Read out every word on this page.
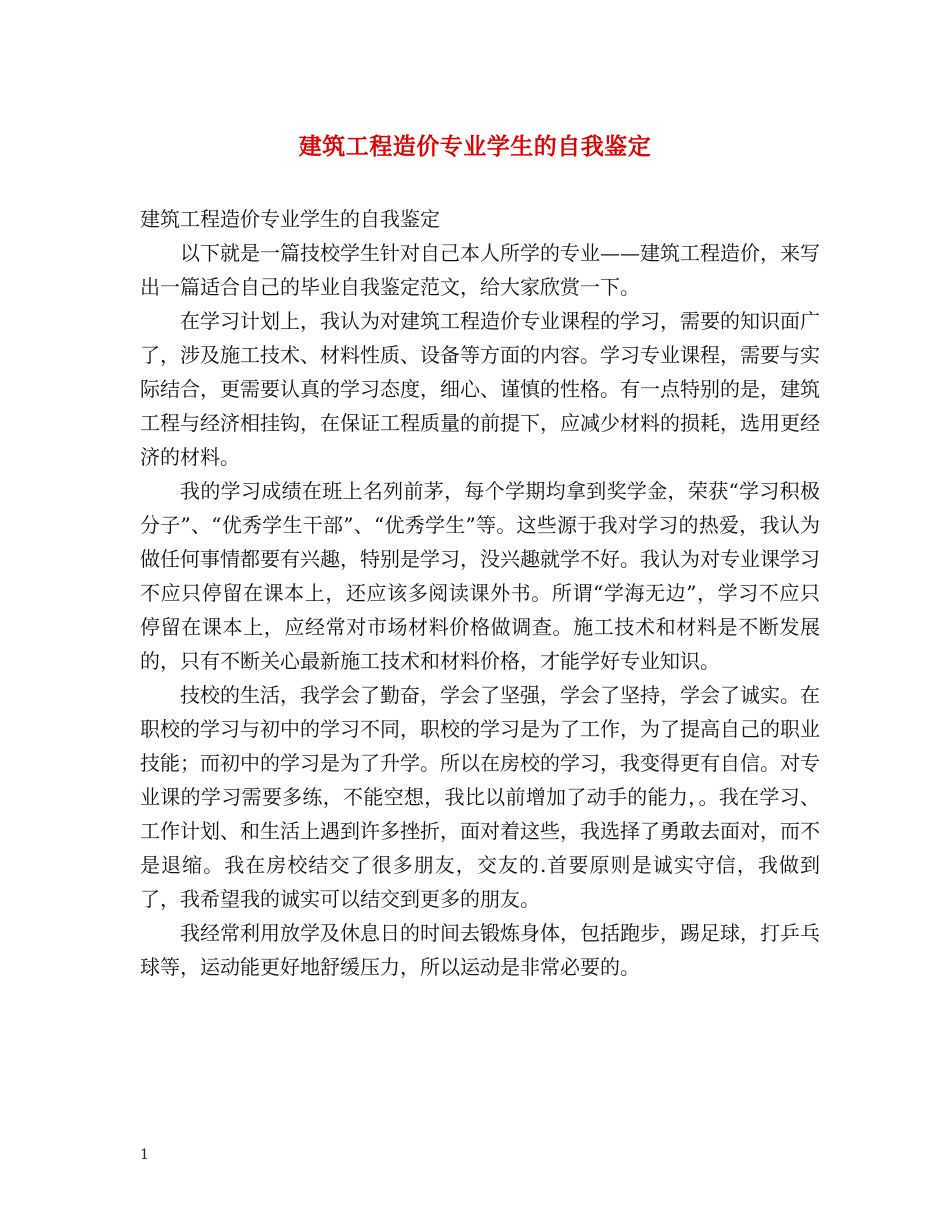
建筑工程造价专业学生的自我鉴定

建筑工程造价专业学生的自我鉴定

以下就是一篇技校学生针对自己本人所学的专业——建筑工程造价，来写出一篇适合自己的毕业自我鉴定范文，给大家欣赏一下。

在学习计划上，我认为对建筑工程造价专业课程的学习，需要的知识面广了，涉及施工技术、材料性质、设备等方面的内容。学习专业课程，需要与实际结合，更需要认真的学习态度，细心、谨慎的性格。有一点特别的是，建筑工程与经济相挂钩，在保证工程质量的前提下，应减少材料的损耗，选用更经济的材料。

我的学习成绩在班上名列前茅，每个学期均拿到奖学金，荣获“学习积极分子”、“优秀学生干部”、“优秀学生”等。这些源于我对学习的热爱，我认为做任何事情都要有兴趣，特别是学习，没兴趣就学不好。我认为对专业课学习不应只停留在课本上，还应该多阅读课外书。所谓“学海无边”，学习不应只停留在课本上，应经常对市场材料价格做调查。施工技术和材料是不断发展的，只有不断关心最新施工技术和材料价格，才能学好专业知识。

技校的生活，我学会了勤奋，学会了坚强，学会了坚持，学会了诚实。在职校的学习与初中的学习不同，职校的学习是为了工作，为了提高自己的职业技能；而初中的学习是为了升学。所以在房校的学习，我变得更有自信。对专业课的学习需要多练，不能空想，我比以前增加了动手的能力，。我在学习、工作计划、和生活上遇到许多挫折，面对着这些，我选择了勇敢去面对，而不是退缩。我在房校结交了很多朋友，交友的.首要原则是诚实守信，我做到了，我希望我的诚实可以结交到更多的朋友。

我经常利用放学及休息日的时间去锻炼身体，包括跑步，踢足球，打乒乓球等，运动能更好地舒缓压力，所以运动是非常必要的。

1
